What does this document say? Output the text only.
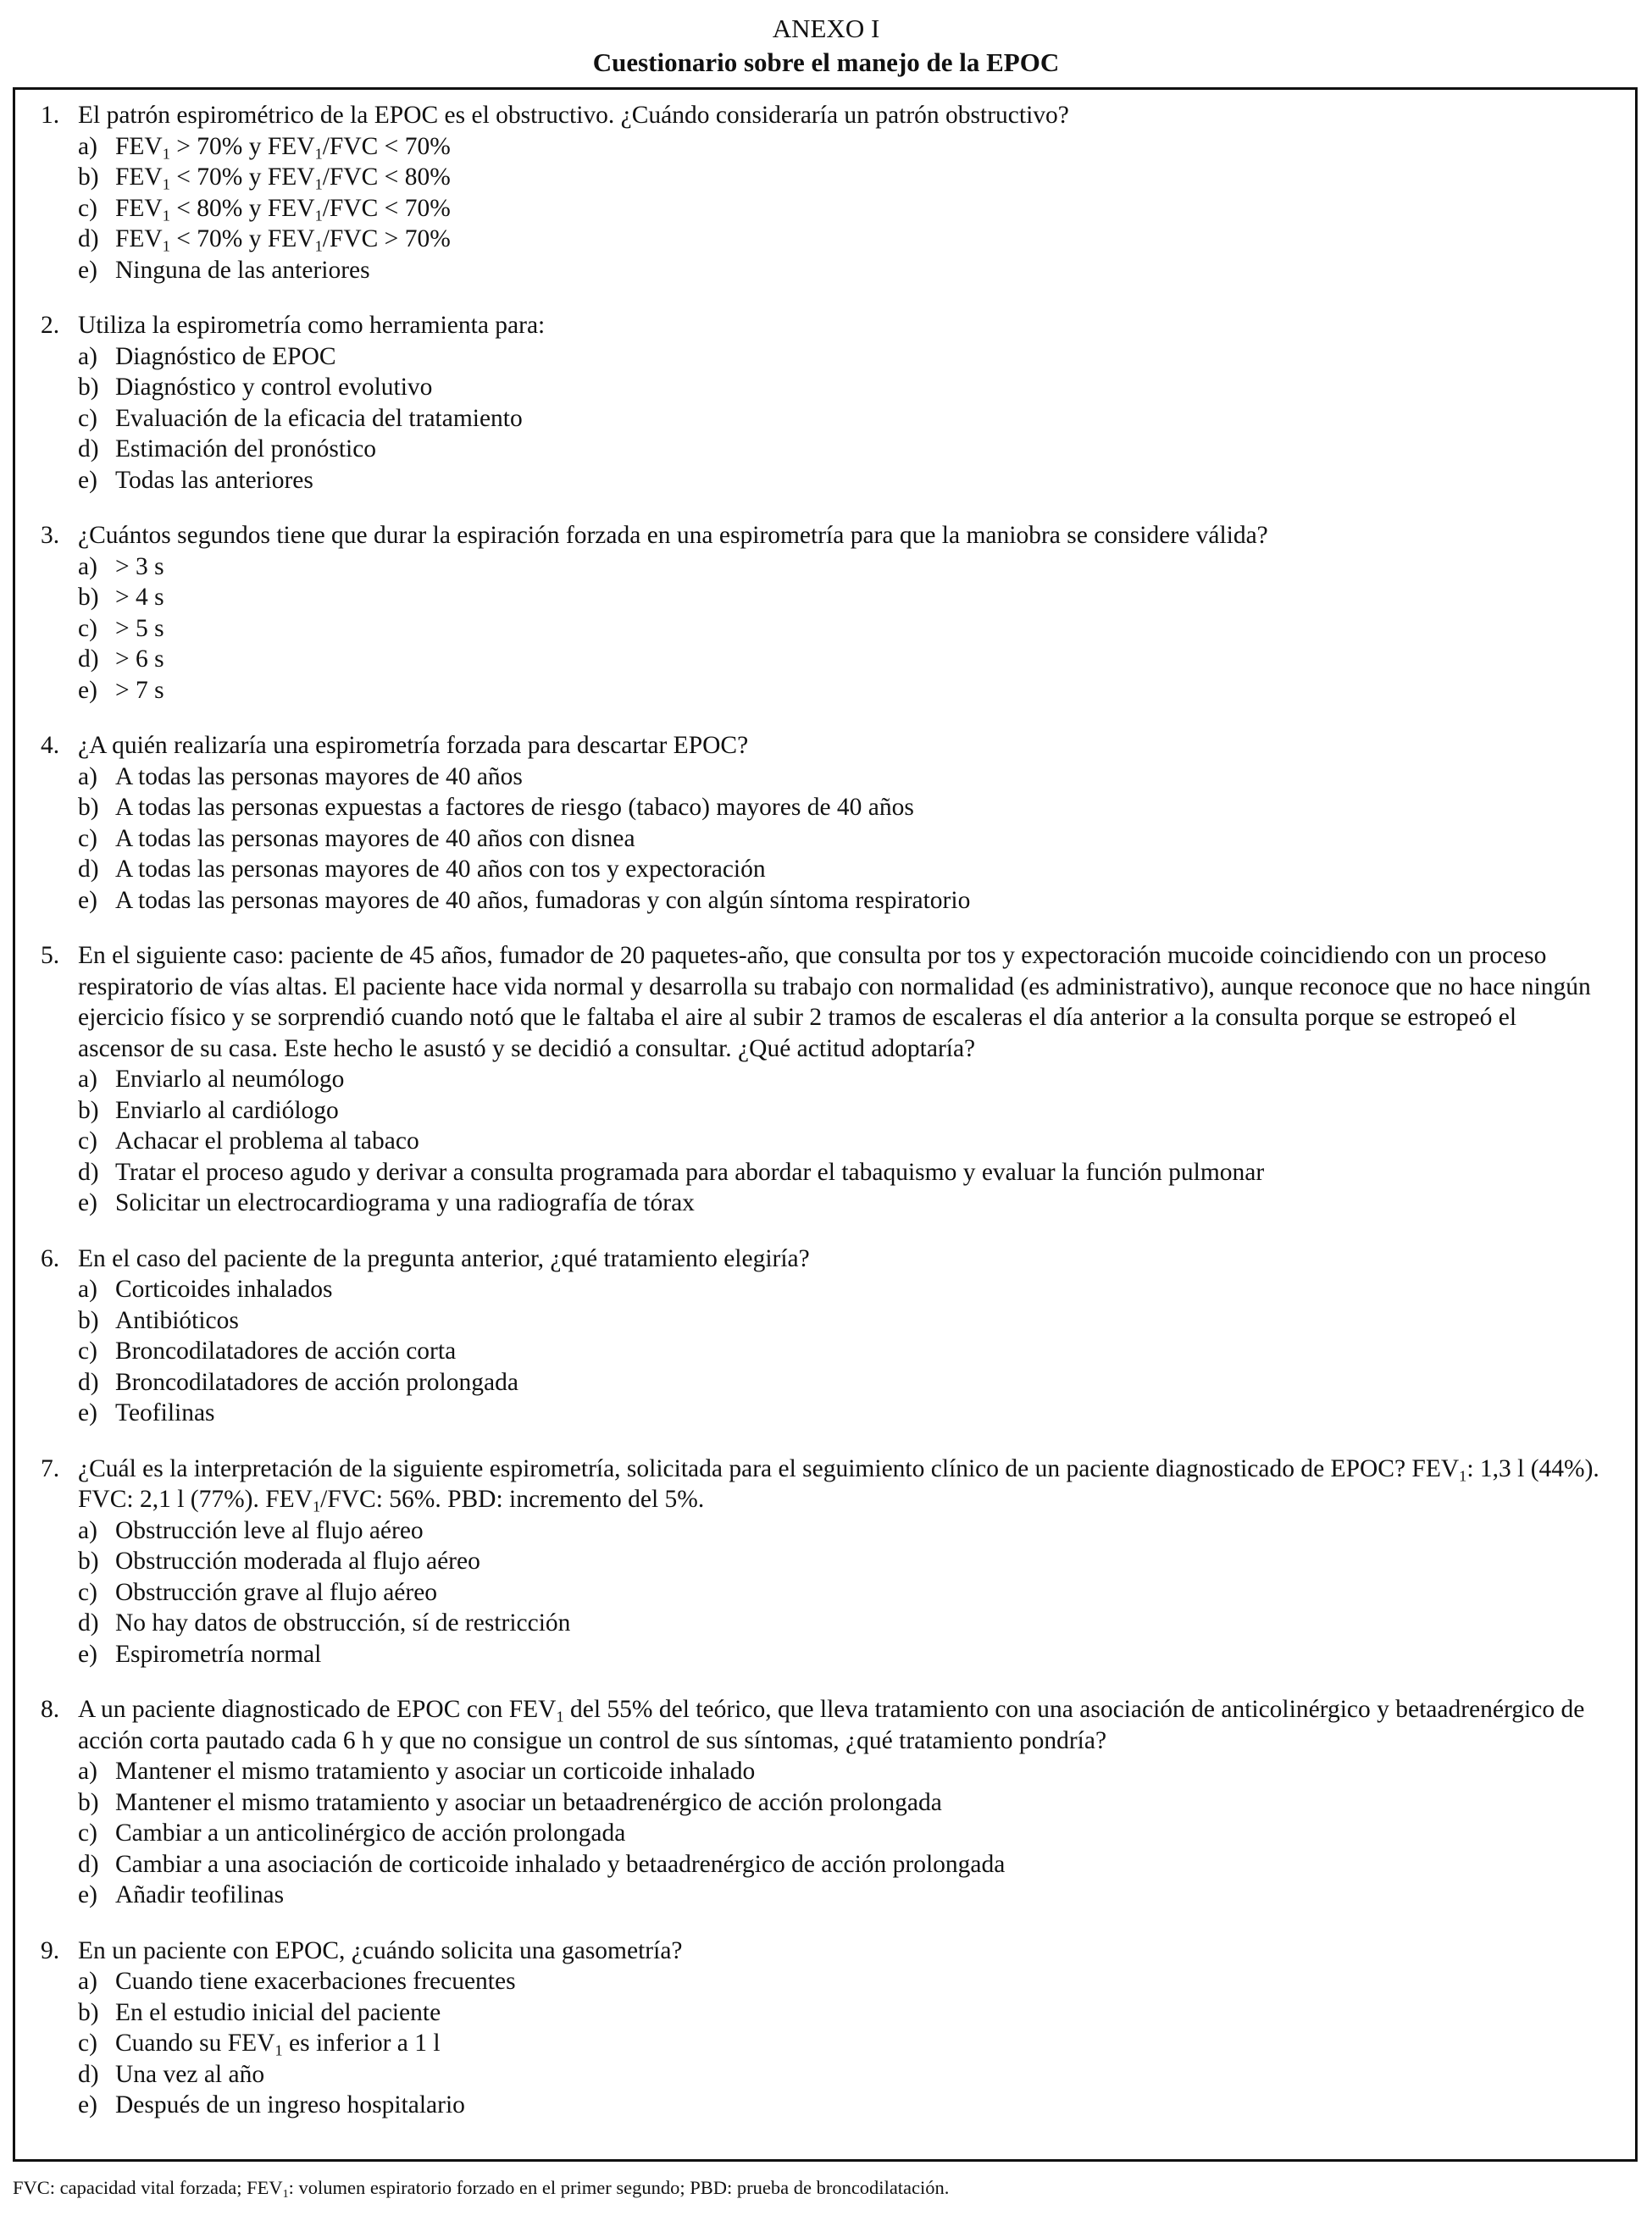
ANEXO I
Cuestionario sobre el manejo de la EPOC
1. El patrón espirométrico de la EPOC es el obstructivo. ¿Cuándo consideraría un patrón obstructivo?
a) $FEV_1 > 70\%$ y $FEV_1$/FVC < 70%
b) $FEV_1 < 70\%$ y $FEV_1$/FVC < 80%
c) $FEV_1 < 80\%$ y $FEV_1$/FVC < 70%
d) $FEV_1 < 70\%$ y $FEV_1$/FVC > 70%
e) Ninguna de las anteriores
2. Utiliza la espirometría como herramienta para:
a) Diagnóstico de EPOC
b) Diagnóstico y control evolutivo
c) Evaluación de la eficacia del tratamiento
d) Estimación del pronóstico
e) Todas las anteriores
3. ¿Cuántos segundos tiene que durar la espiración forzada en una espirometría para que la maniobra se considere válida?
a) > 3 s
b) > 4 s
c) > 5 s
d) > 6 s
e) > 7 s
4. ¿A quién realizaría una espirometría forzada para descartar EPOC?
a) A todas las personas mayores de 40 años
b) A todas las personas expuestas a factores de riesgo (tabaco) mayores de 40 años
c) A todas las personas mayores de 40 años con disnea
d) A todas las personas mayores de 40 años con tos y expectoración
e) A todas las personas mayores de 40 años, fumadoras y con algún síntoma respiratorio
5. En el siguiente caso: paciente de 45 años, fumador de 20 paquetes-año, que consulta por tos y expectoración mucoide coincidiendo con un proceso respiratorio de vías altas. El paciente hace vida normal y desarrolla su trabajo con normalidad (es administrativo), aunque reconoce que no hace ningún ejercicio físico y se sorprendió cuando notó que le faltaba el aire al subir 2 tramos de escaleras el día anterior a la consulta porque se estropeó el ascensor de su casa. Este hecho le asustó y se decidió a consultar. ¿Qué actitud adoptaría?
a) Enviarlo al neumólogo
b) Enviarlo al cardiólogo
c) Achacar el problema al tabaco
d) Tratar el proceso agudo y derivar a consulta programada para abordar el tabaquismo y evaluar la función pulmonar
e) Solicitar un electrocardiograma y una radiografía de tórax
6. En el caso del paciente de la pregunta anterior, ¿qué tratamiento elegiría?
a) Corticoides inhalados
b) Antibióticos
c) Broncodilatadores de acción corta
d) Broncodilatadores de acción prolongada
e) Teofilinas
7. ¿Cuál es la interpretación de la siguiente espirometría, solicitada para el seguimiento clínico de un paciente diagnosticado de EPOC? $FEV_1$: 1,3 l (44%). FVC: 2,1 l (77%). $FEV_1$/FVC: 56%. PBD: incremento del 5%.
a) Obstrucción leve al flujo aéreo
b) Obstrucción moderada al flujo aéreo
c) Obstrucción grave al flujo aéreo
d) No hay datos de obstrucción, sí de restricción
e) Espirometría normal
8. A un paciente diagnosticado de EPOC con $FEV_1$ del 55% del teórico, que lleva tratamiento con una asociación de anticolinérgico y betaadrenérgico de acción corta pautado cada 6 h y que no consigue un control de sus síntomas, ¿qué tratamiento pondría?
a) Mantener el mismo tratamiento y asociar un corticoide inhalado
b) Mantener el mismo tratamiento y asociar un betaadrenérgico de acción prolongada
c) Cambiar a un anticolinérgico de acción prolongada
d) Cambiar a una asociación de corticoide inhalado y betaadrenérgico de acción prolongada
e) Añadir teofilinas
9. En un paciente con EPOC, ¿cuándo solicita una gasometría?
a) Cuando tiene exacerbaciones frecuentes
b) En el estudio inicial del paciente
c) Cuando su $FEV_1$ es inferior a 1 l
d) Una vez al año
e) Después de un ingreso hospitalario
FVC: capacidad vital forzada; $FEV_1$: volumen espiratorio forzado en el primer segundo; PBD: prueba de broncodilatación.
